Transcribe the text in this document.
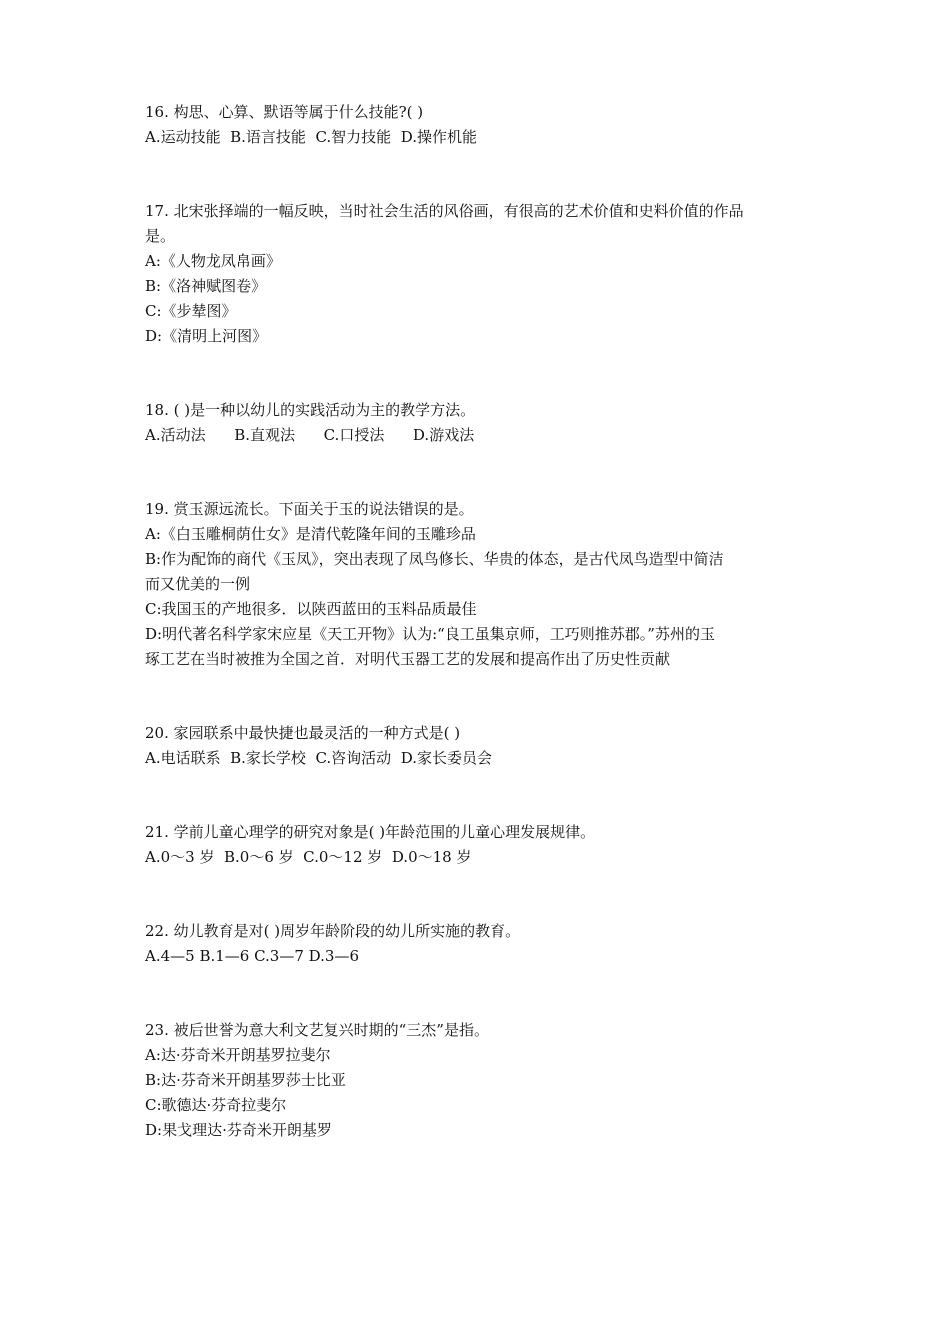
16. 构思、心算、默语等属于什么技能?( )

A.运动技能  B.语言技能  C.智力技能  D.操作机能

17. 北宋张择端的一幅反映，当时社会生活的风俗画，有很高的艺术价值和史料价值的作品

是。

A:《人物龙凤帛画》

B:《洛神赋图卷》

C:《步辇图》

D:《清明上河图》

18. ( )是一种以幼儿的实践活动为主的教学方法。

A.活动法      B.直观法      C.口授法      D.游戏法

19. 赏玉源远流长。下面关于玉的说法错误的是。

A:《白玉雕桐荫仕女》是清代乾隆年间的玉雕珍品

B:作为配饰的商代《玉凤》，突出表现了凤鸟修长、华贵的体态，是古代凤鸟造型中简洁

而又优美的一例

C:我国玉的产地很多．以陕西蓝田的玉料品质最佳

D:明代著名科学家宋应星《天工开物》认为:“良工虽集京师，工巧则推苏郡。”苏州的玉

琢工艺在当时被推为全国之首．对明代玉器工艺的发展和提高作出了历史性贡献

20. 家园联系中最快捷也最灵活的一种方式是( )

A.电话联系  B.家长学校  C.咨询活动  D.家长委员会

21. 学前儿童心理学的研究对象是( )年龄范围的儿童心理发展规律。

A.0～3 岁  B.0～6 岁  C.0～12 岁  D.0～18 岁

22. 幼儿教育是对( )周岁年龄阶段的幼儿所实施的教育。

A.4—5 B.1—6 C.3—7 D.3—6

23. 被后世誉为意大利文艺复兴时期的“三杰”是指。

A:达·芬奇米开朗基罗拉斐尔

B:达·芬奇米开朗基罗莎士比亚

C:歌德达·芬奇拉斐尔

D:果戈理达·芬奇米开朗基罗
